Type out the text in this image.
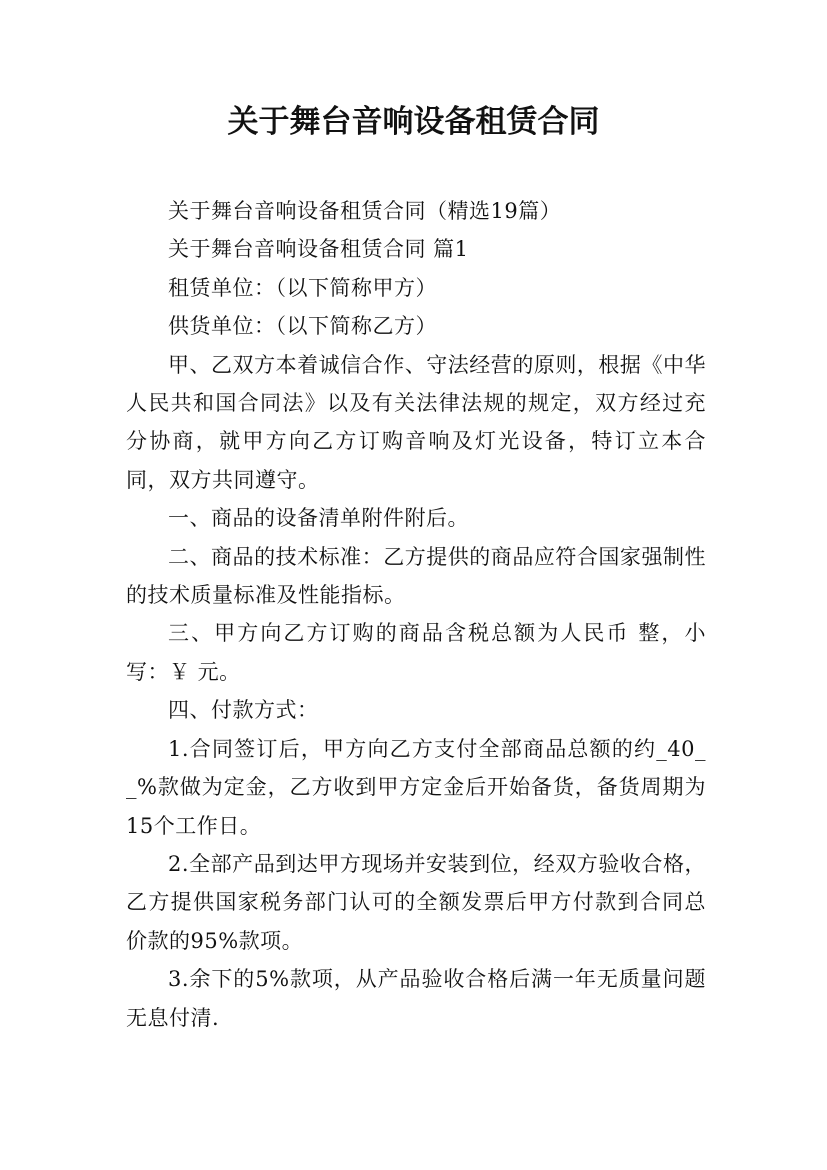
关于舞台音响设备租赁合同

关于舞台音响设备租赁合同（精选19篇）

关于舞台音响设备租赁合同 篇1

租赁单位：（以下简称甲方）

供货单位：（以下简称乙方）

甲、乙双方本着诚信合作、守法经营的原则，根据《中华人民共和国合同法》以及有关法律法规的规定，双方经过充分协商，就甲方向乙方订购音响及灯光设备，特订立本合同，双方共同遵守。

一、商品的设备清单附件附后。

二、商品的技术标准：乙方提供的商品应符合国家强制性的技术质量标准及性能指标。

三、甲方向乙方订购的商品含税总额为人民币 整，小写：￥ 元。

四、付款方式：

1.合同签订后，甲方向乙方支付全部商品总额的约_40__%款做为定金，乙方收到甲方定金后开始备货，备货周期为15个工作日。

2.全部产品到达甲方现场并安装到位，经双方验收合格，乙方提供国家税务部门认可的全额发票后甲方付款到合同总价款的95%款项。

3.余下的5%款项，从产品验收合格后满一年无质量问题无息付清.
